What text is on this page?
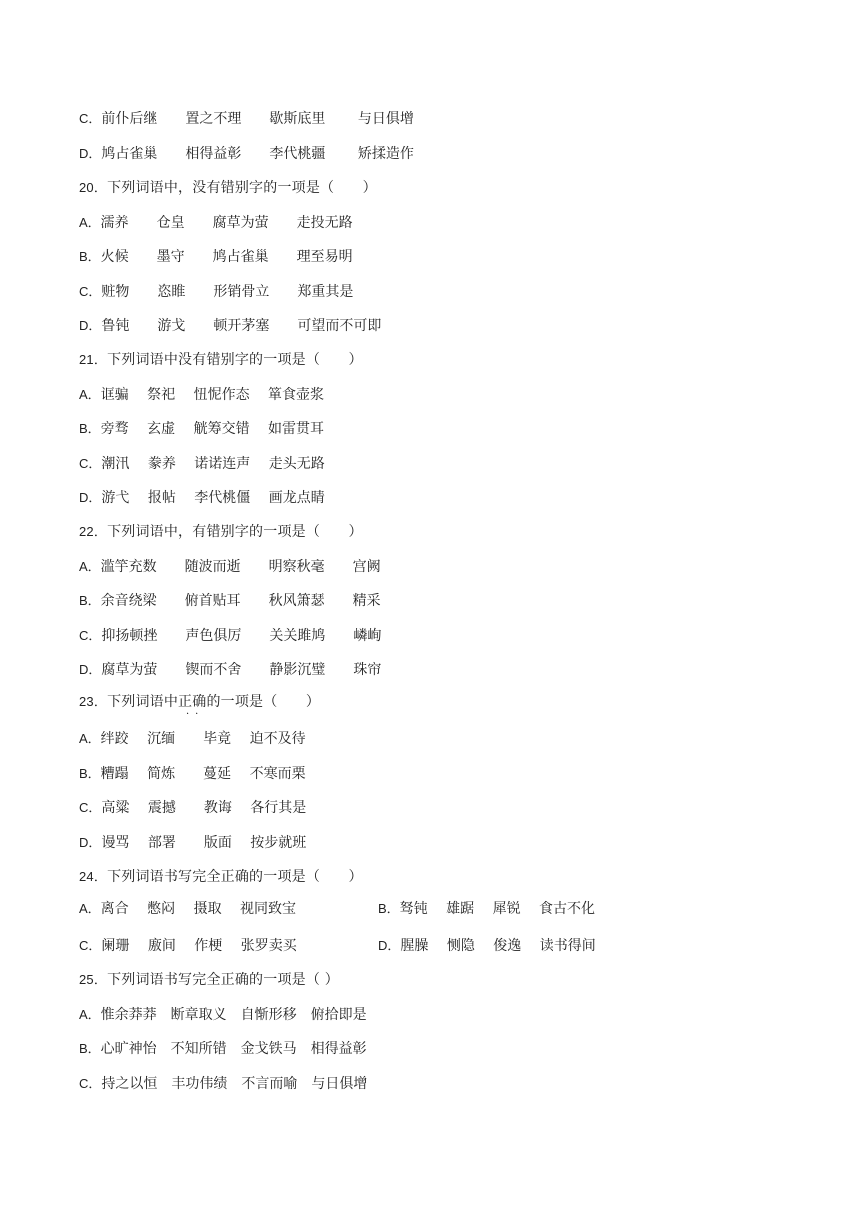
C．前仆后继　　置之不理　　歇斯底里　　 与日俱增
D．鸠占雀巢　　相得益彰　　李代桃疆　　 矫揉造作
20．下列词语中，没有错别字的一项是（　　）
A．濡养　　仓皇　　腐草为萤　　走投无路
B．火候　　墨守　　鸠占雀巢　　理至易明
C．赃物　　恣睢　　形销骨立　　郑重其是
D．鲁钝　　游戈　　顿开茅塞　　可望而不可即
21．下列词语中没有错别字的一项是（　　）
A．诓骗　 祭祀　 忸怩作态　 箪食壶浆
B．旁骛　 玄虚　 觥筹交错　 如雷贯耳
C．潮汛　 豢养　 诺诺连声　 走头无路
D．游弋　 报帖　 李代桃僵　 画龙点睛
22．下列词语中，有错别字的一项是（　　）
A．滥竽充数　　随波而逝　　明察秋毫　　宫阙
B．余音绕梁　　俯首贴耳　　秋风箫瑟　　精采
C．抑扬顿挫　　声色俱厉　　关关雎鸠　　嶙峋
D．腐草为萤　　锲而不舍　　静影沉璧　　珠帘
23．下列词语中正确的一项是（　　）
··
A．绊跤　 沉缅　　毕竟　 迫不及待
B．糟蹋　 简炼　　蔓延　 不寒而栗
C．高粱　 震撼　　教诲　 各行其是
D．谩骂　 部署　　版面　 按步就班
24．下列词语书写完全正确的一项是（　　）
A．离合　 憋闷　 摄取　 视同致宝	B．驽钝　 雄踞　 犀锐　 食古不化
C．阑珊　 廒间　 作梗　 张罗卖买	D．腥臊　 恻隐　 俊逸　 读书得间
25．下列词语书写完全正确的一项是（ ）
A．惟余莽莽　断章取义　自惭形移　俯拾即是
B．心旷神怡　不知所错　金戈铁马　相得益彰
C．持之以恒　丰功伟绩　不言而喻　与日俱增
